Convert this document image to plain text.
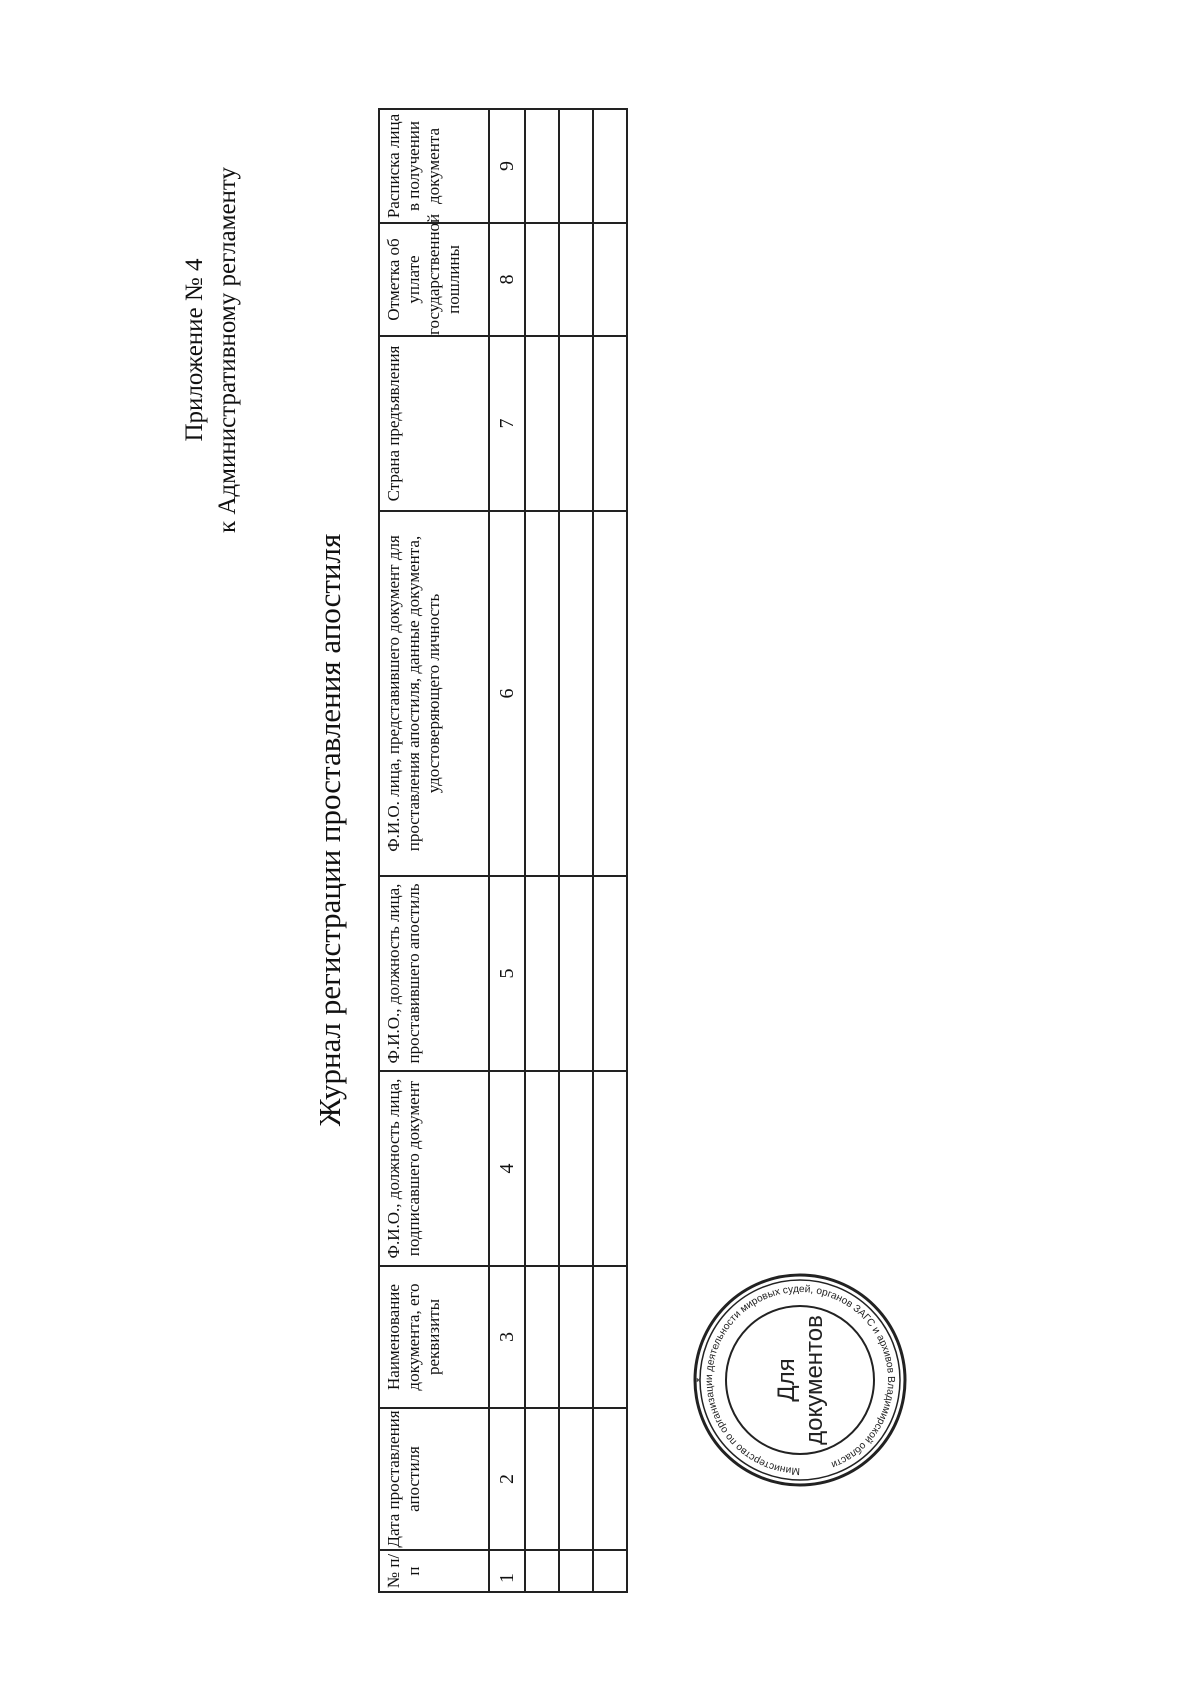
Приложение № 4 к Административному регламенту
Журнал регистрации проставления апостиля
№ п/п	Дата проставления апостиля	Наименование документа, его реквизиты	Ф.И.О., должность лица, подписавшего документ	Ф.И.О., должность лица, проставившего апостиль	Ф.И.О. лица, представившего документ для проставления апостиля, данные документа, удостоверяющего личность	Страна предъявления	Отметка об уплате государственной пошлины	Расписка лица в получении документа
1	2	3	4	5	6	7	8	9

Министерство по организации деятельности мировых судей, органов ЗАГС и архивов Владимирской области
*	Для документов
